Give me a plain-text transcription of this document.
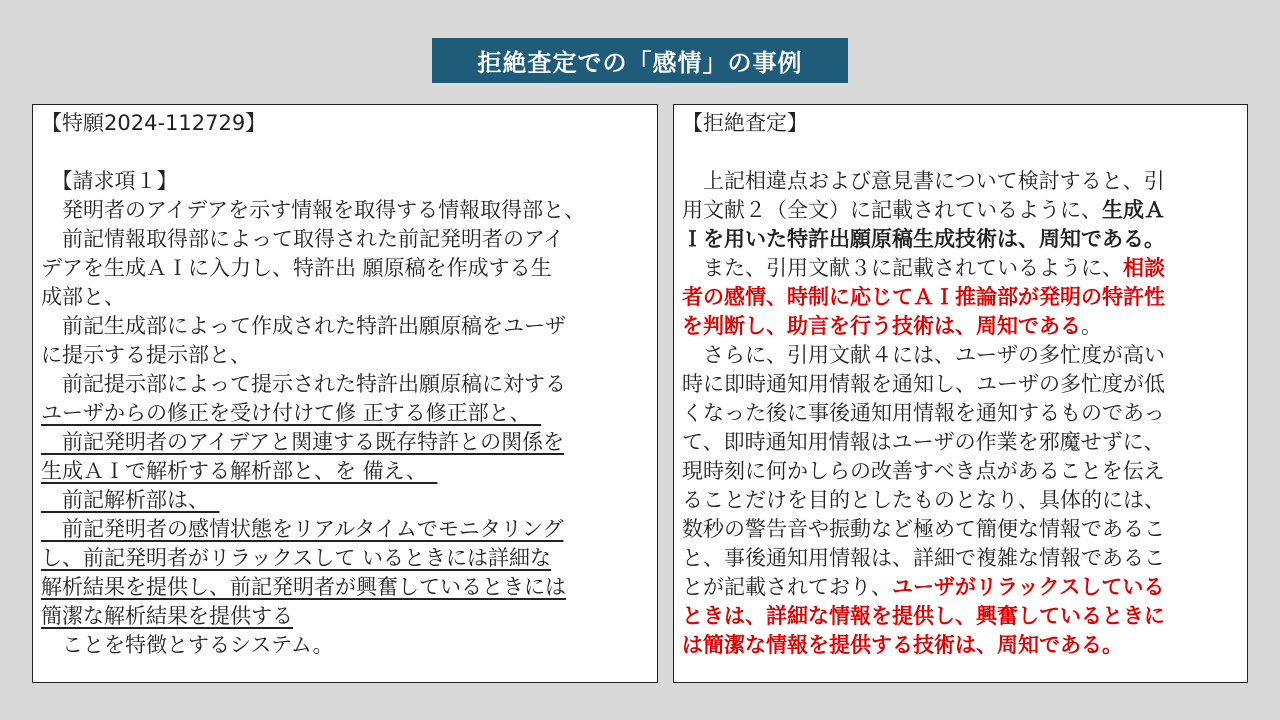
拒絶査定での「感情」の事例
【特願2024-112729】
　【請求項１】
　発明者のアイデアを示す情報を取得する情報取得部と、
　前記情報取得部によって取得された前記発明者のアイ
デアを生成ＡＩに入力し、特許出 願原稿を作成する生
成部と、
　前記生成部によって作成された特許出願原稿をユーザ
に提示する提示部と、
　前記提示部によって提示された特許出願原稿に対する
ユーザからの修正を受け付けて修 正する修正部と、　
　前記発明者のアイデアと関連する既存特許との関係を
生成ＡＩで解析する解析部と、を 備え、　
　前記解析部は、　
　前記発明者の感情状態をリアルタイムでモニタリング
し、前記発明者がリラックスして いるときには詳細な
解析結果を提供し、前記発明者が興奮しているときには
簡潔な解析結果を提供する
　ことを特徴とするシステム。
【拒絶査定】
　上記相違点および意見書について検討すると、引
用文献２（全文）に記載されているように、生成Ａ
Ｉを用いた特許出願原稿生成技術は、周知である。
　また、引用文献３に記載されているように、相談
者の感情、時制に応じてＡＩ推論部が発明の特許性
を判断し、助言を行う技術は、周知である。
　さらに、引用文献４には、ユーザの多忙度が高い
時に即時通知用情報を通知し、ユーザの多忙度が低
くなった後に事後通知用情報を通知するものであっ
て、即時通知用情報はユーザの作業を邪魔せずに、
現時刻に何かしらの改善すべき点があることを伝え
ることだけを目的としたものとなり、具体的には、
数秒の警告音や振動など極めて簡便な情報であるこ
と、事後通知用情報は、詳細で複雑な情報であるこ
とが記載されており、ユーザがリラックスしている
ときは、詳細な情報を提供し、興奮しているときに
は簡潔な情報を提供する技術は、周知である。
